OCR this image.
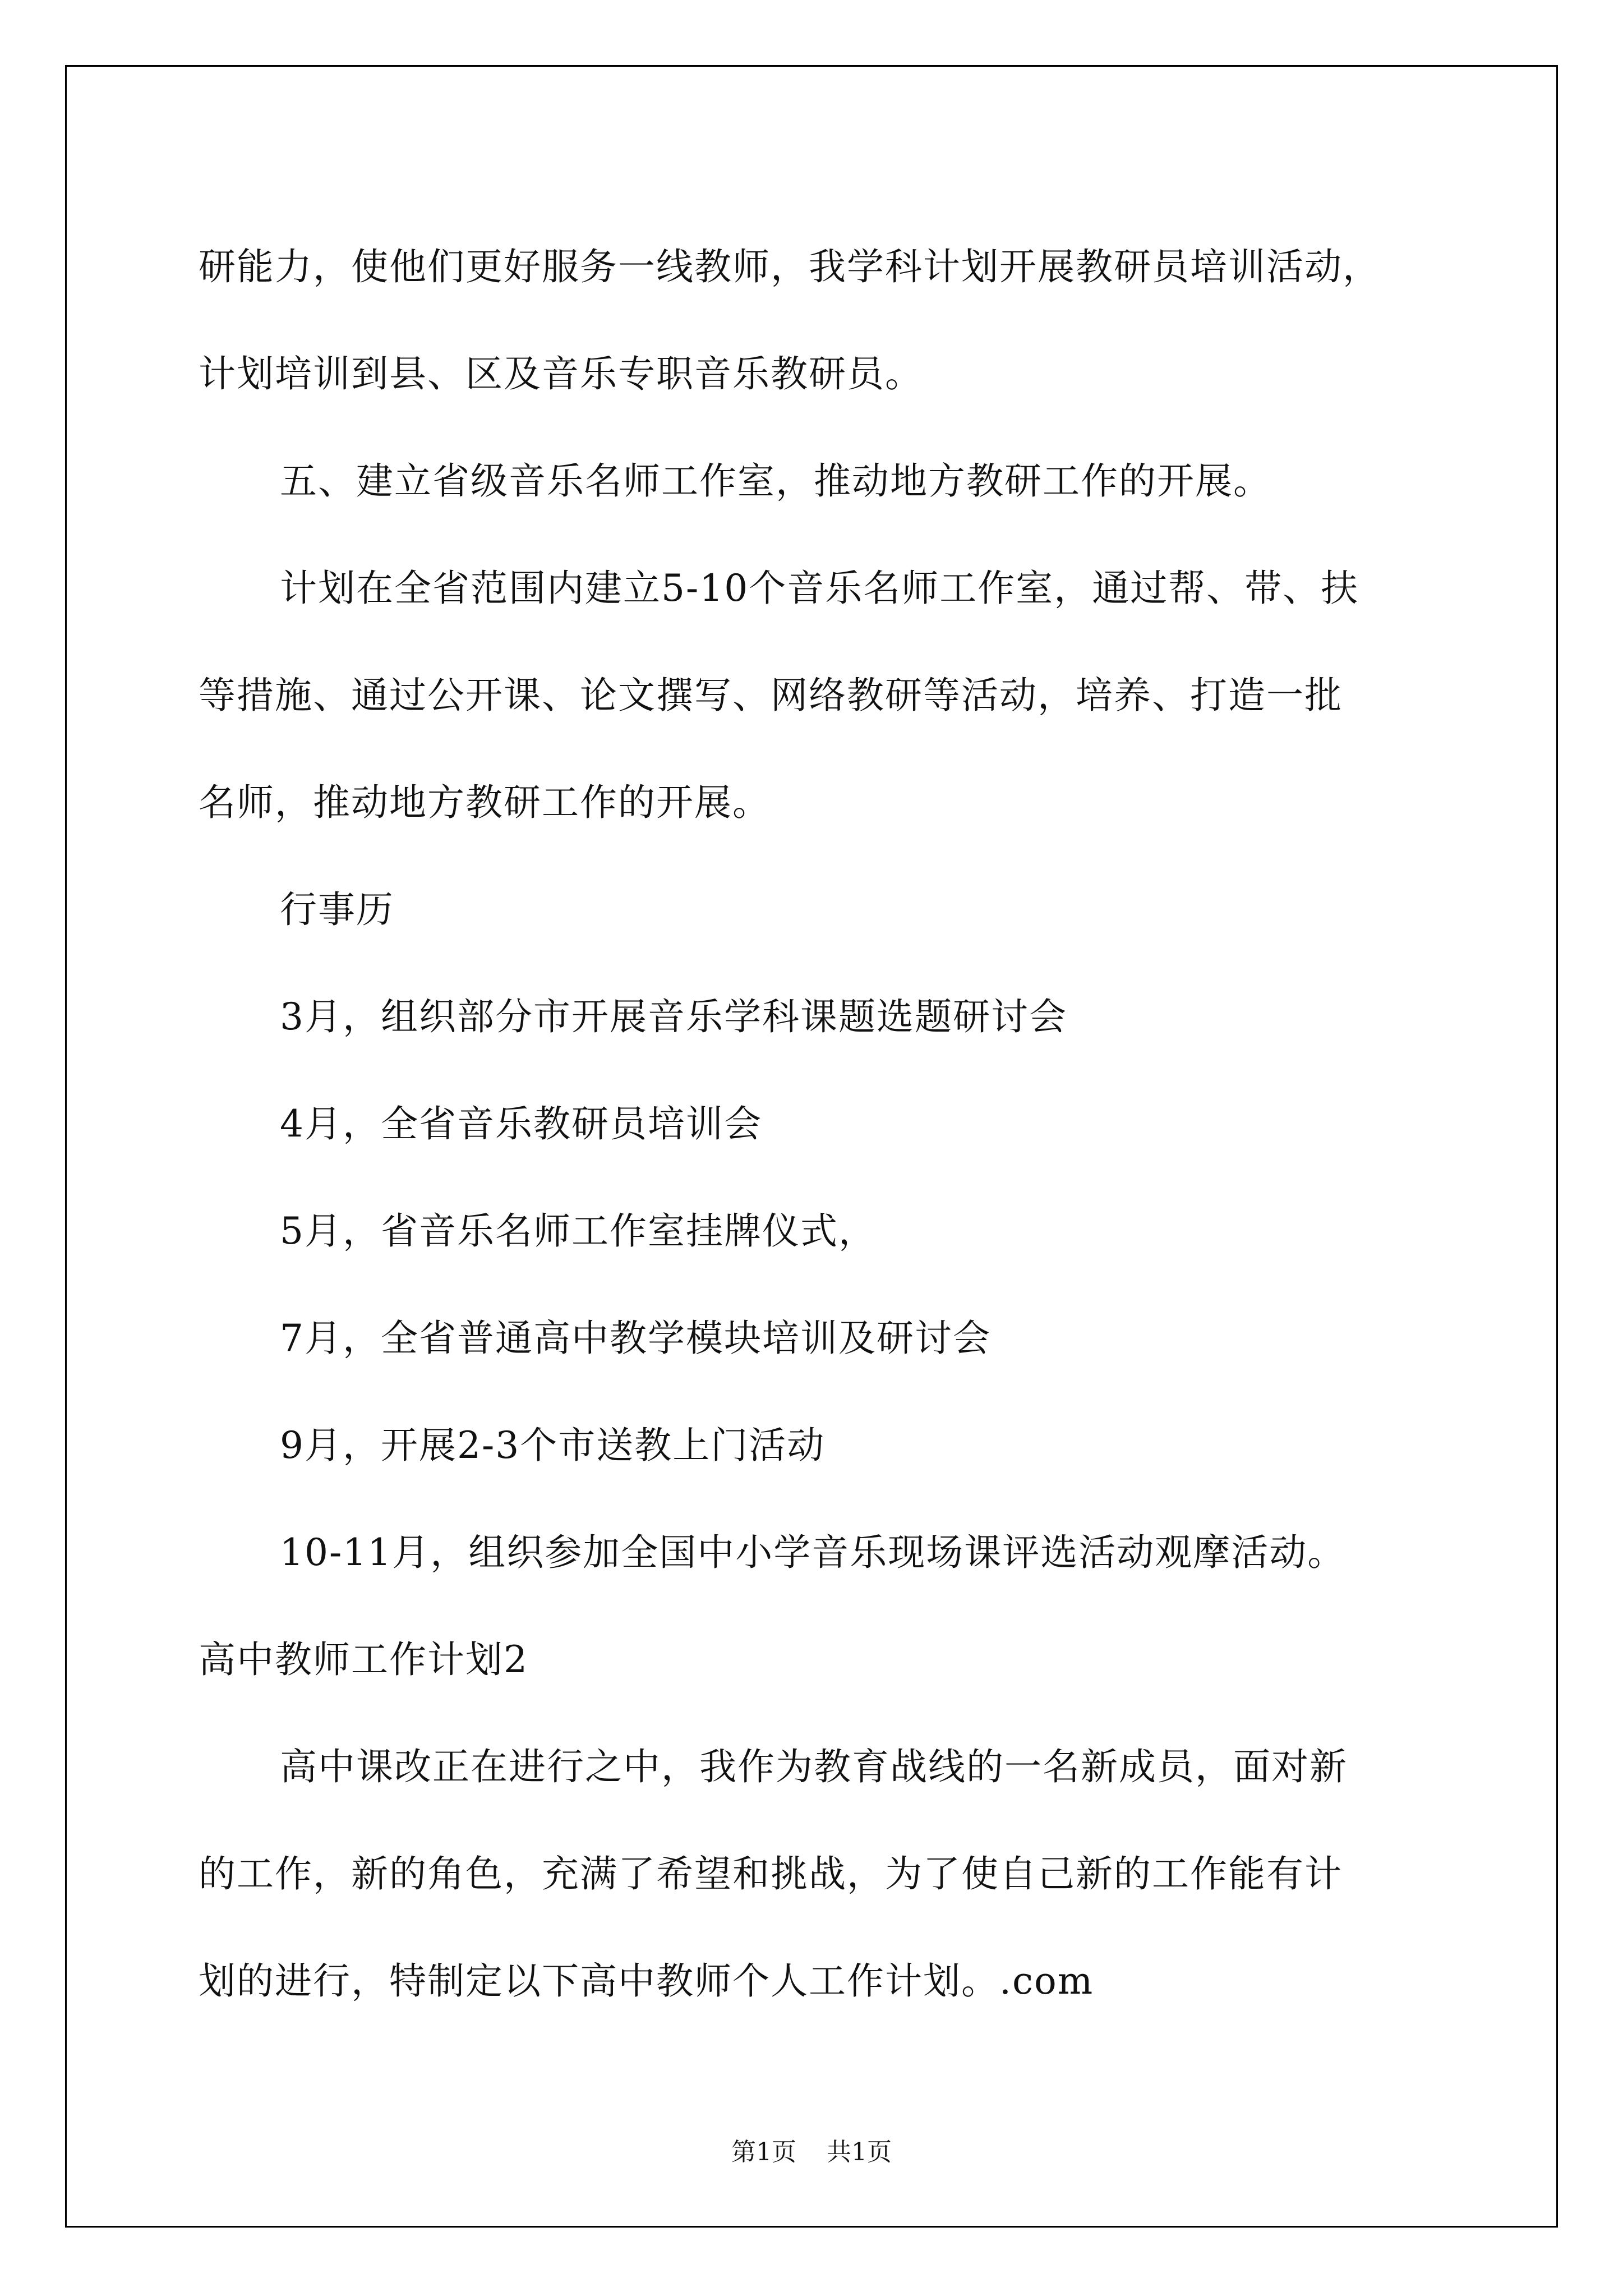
研能力，使他们更好服务一线教师，我学科计划开展教研员培训活动，
计划培训到县、区及音乐专职音乐教研员。
五、建立省级音乐名师工作室，推动地方教研工作的开展。
计划在全省范围内建立5-10个音乐名师工作室，通过帮、带、扶
等措施、通过公开课、论文撰写、网络教研等活动，培养、打造一批
名师，推动地方教研工作的开展。
行事历
3月，组织部分市开展音乐学科课题选题研讨会
4月，全省音乐教研员培训会
5月，省音乐名师工作室挂牌仪式，
7月，全省普通高中教学模块培训及研讨会
9月，开展2-3个市送教上门活动
10-11月，组织参加全国中小学音乐现场课评选活动观摩活动。
高中教师工作计划2
高中课改正在进行之中，我作为教育战线的一名新成员，面对新
的工作，新的角色，充满了希望和挑战，为了使自己新的工作能有计
划的进行，特制定以下高中教师个人工作计划。.com
第1页 共1页
